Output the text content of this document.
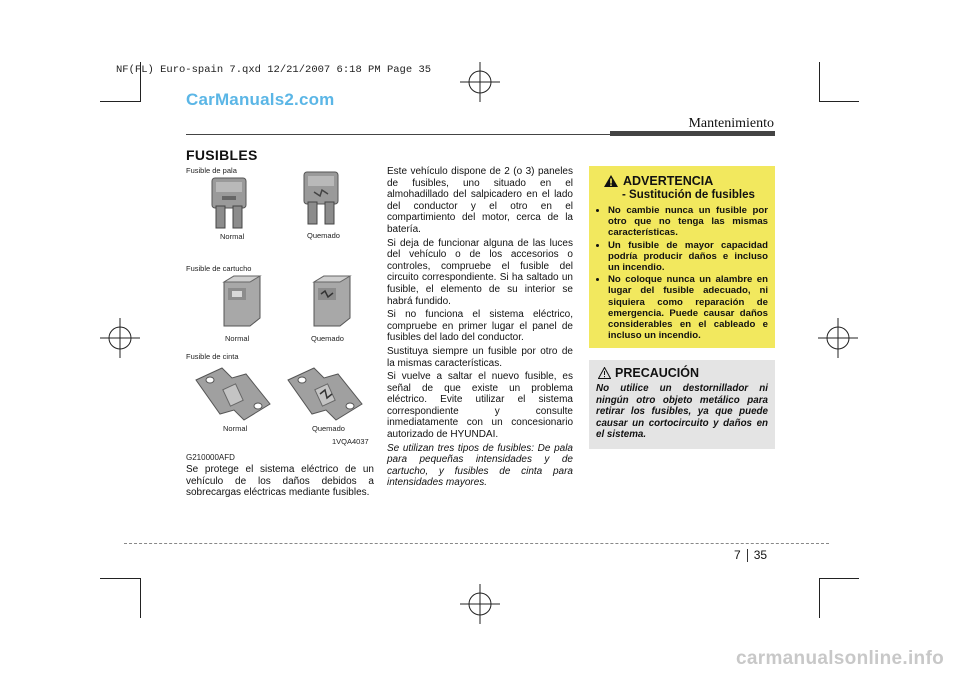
NF(FL) Euro-spain 7.qxd 12/21/2007 6:18 PM Page 35
CarManuals2.com
Mantenimiento
FUSIBLES
Fusible de pala
Normal	Quemado
Fusible de cartucho
Normal	Quemado
Fusible de cinta
Normal	Quemado
1VQA4037
G210000AFD
Se protege el sistema eléctrico de un vehículo de los daños debidos a sobrecargas eléctricas mediante fusibles.

Este vehículo dispone de 2 (o 3) paneles de fusibles, uno situado en el almohadillado del salpicadero en el lado del conductor y el otro en el compartimiento del motor, cerca de la batería.

Si deja de funcionar alguna de las luces del vehículo o de los accesorios o controles, compruebe el fusible del circuito correspondiente. Si ha saltado un fusible, el elemento de su interior se habrá fundido.

Si no funciona el sistema eléctrico, compruebe en primer lugar el panel de fusibles del lado del conductor.

Sustituya siempre un fusible por otro de la mismas características.

Si vuelve a saltar el nuevo fusible, es señal de que existe un problema eléctrico. Evite utilizar el sistema correspondiente y consulte inmediatamente con un concesionario autorizado de HYUNDAI.

Se utilizan tres tipos de fusibles: De pala para pequeñas intensidades y de cartucho, y fusibles de cinta para intensidades mayores.

ADVERTENCIA
- Sustitución de fusibles
• No cambie nunca un fusible por otro que no tenga las mismas características.
• Un fusible de mayor capacidad podría producir daños e incluso un incendio.
• No coloque nunca un alambre en lugar del fusible adecuado, ni siquiera como reparación de emergencia. Puede causar daños considerables en el cableado e incluso un incendio.
PRECAUCIÓN
No utilice un destornillador ni ningún otro objeto metálico para retirar los fusibles, ya que puede causar un cortocircuito y daños en el sistema.
7 35
carmanualsonline.info
